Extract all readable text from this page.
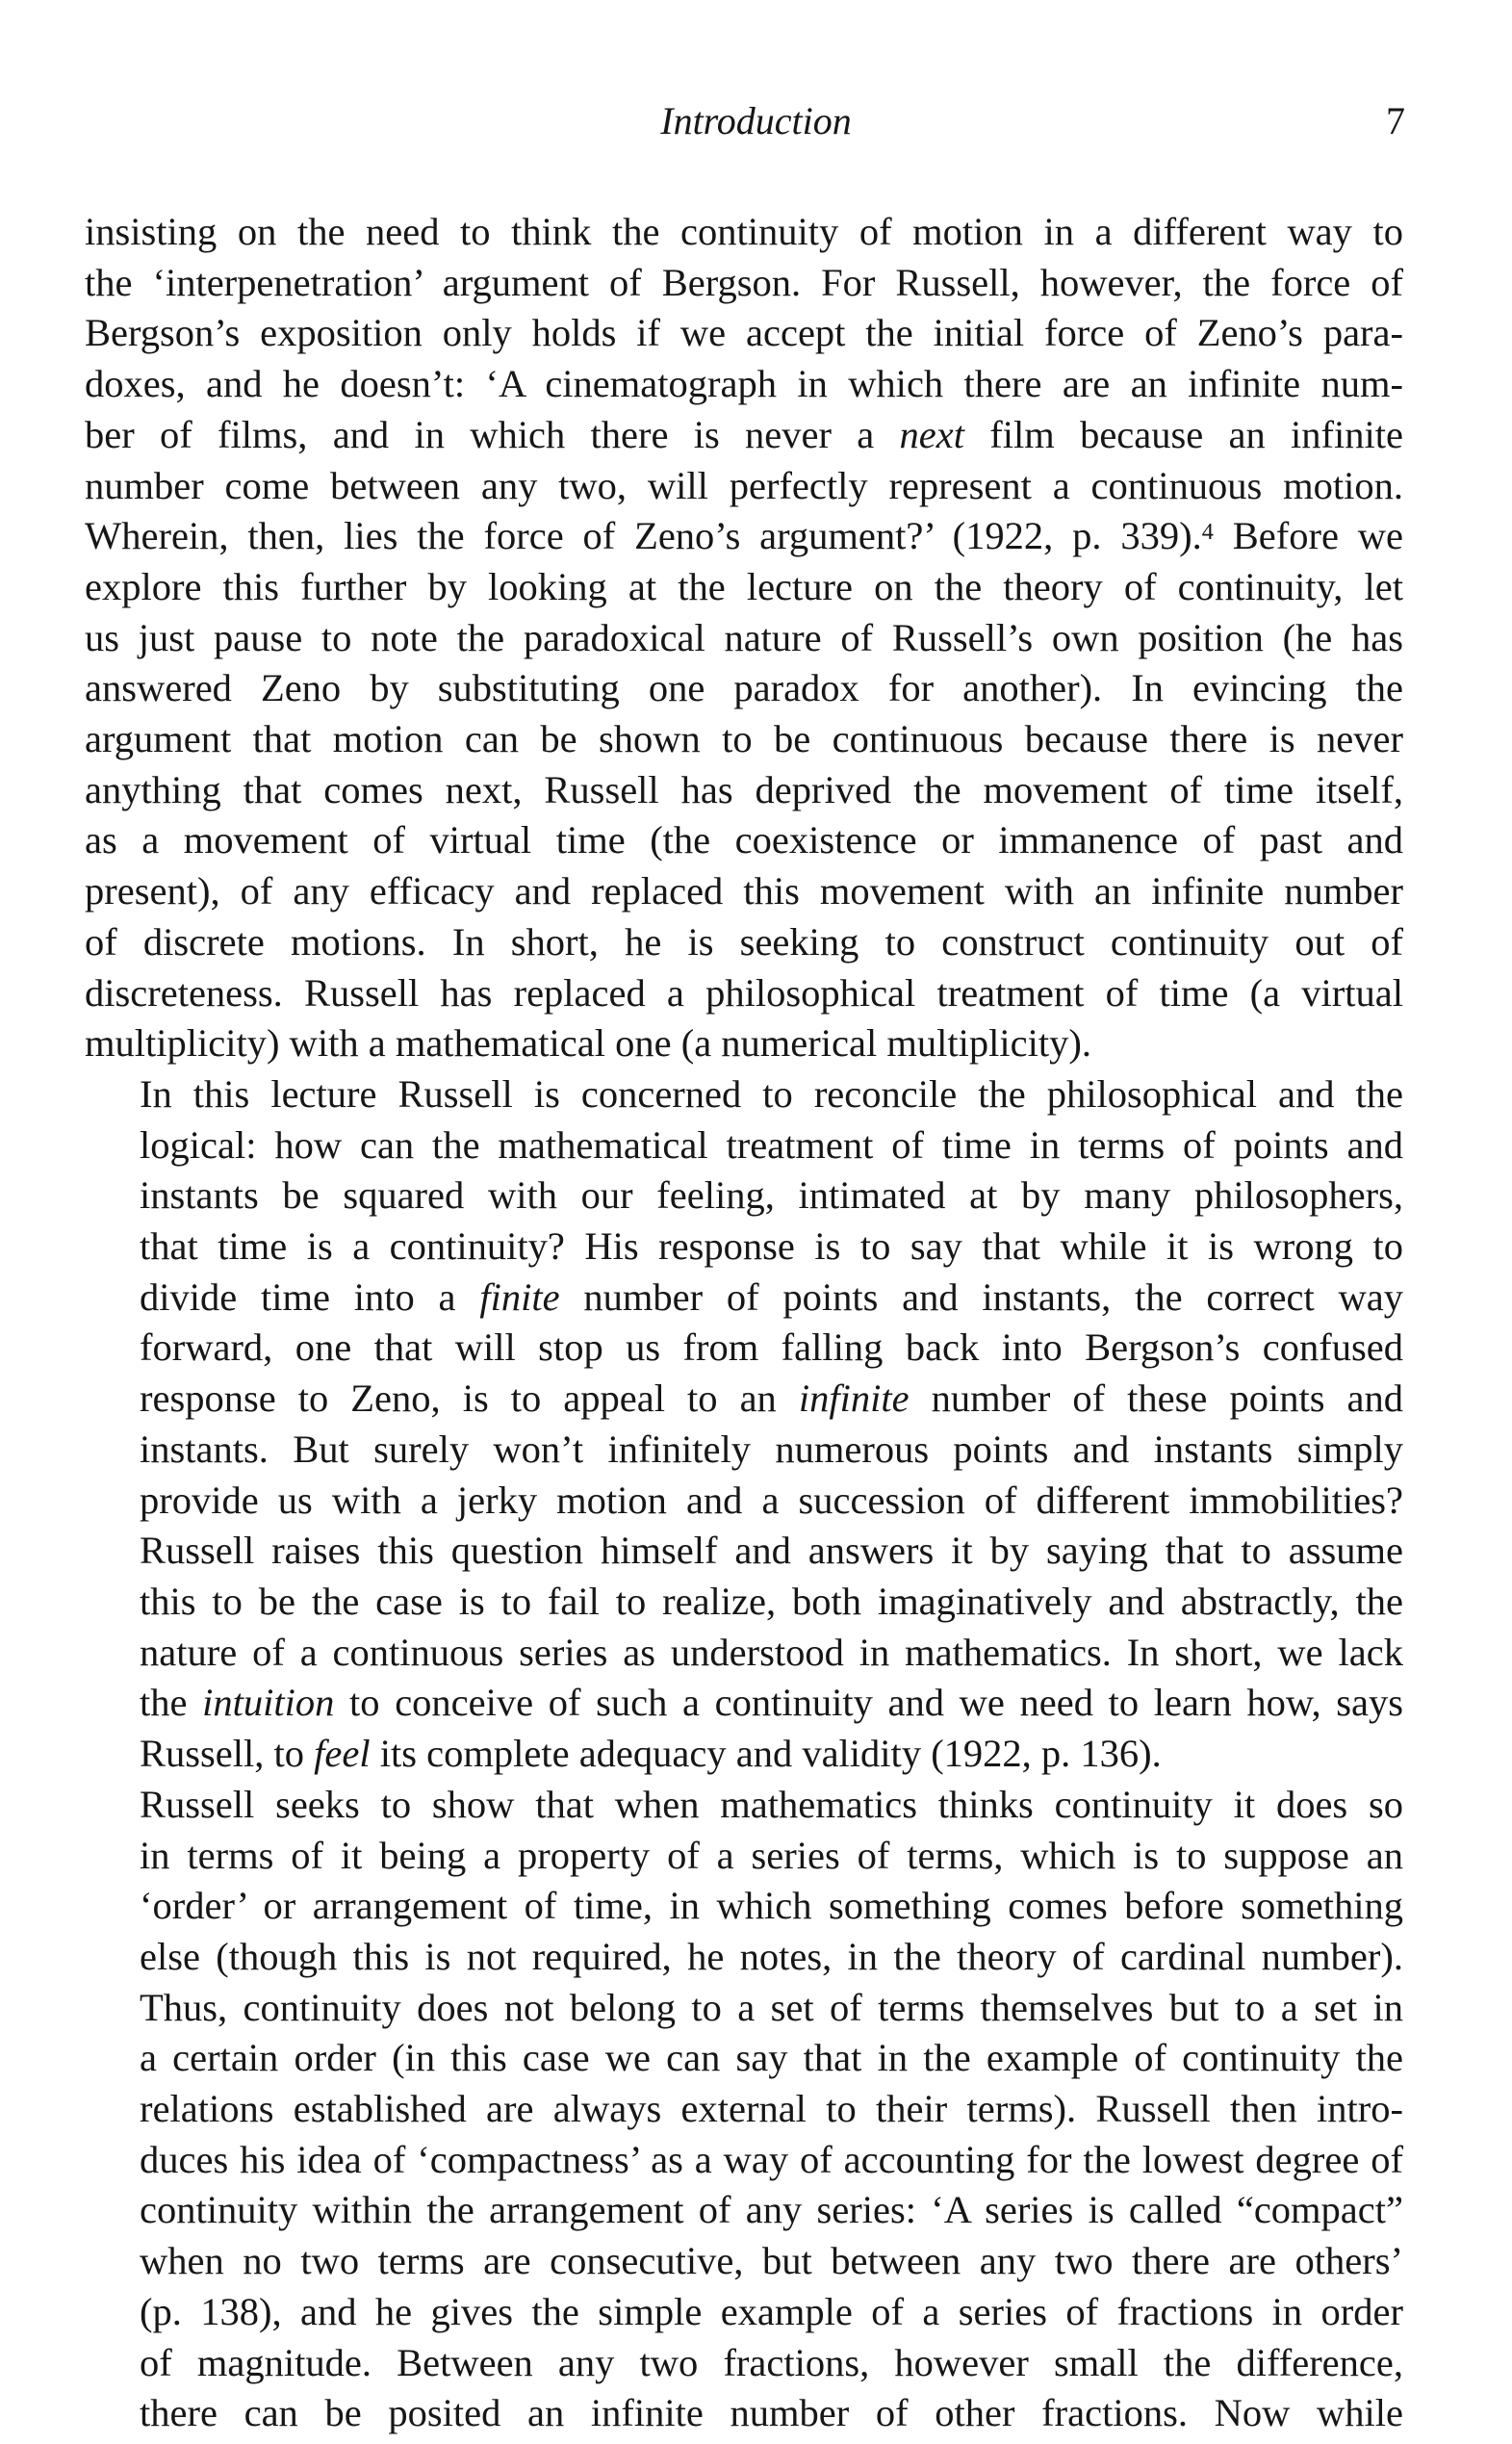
Introduction	7

insisting on the need to think the continuity of motion in a different way to
the ‘interpenetration’ argument of Bergson. For Russell, however, the force of
Bergson’s exposition only holds if we accept the initial force of Zeno’s para-
doxes, and he doesn’t: ‘A cinematograph in which there are an infinite num-
ber of films, and in which there is never a next film because an infinite
number come between any two, will perfectly represent a continuous motion.
Wherein, then, lies the force of Zeno’s argument?’ (1922, p. 339).$^4$ Before we
explore this further by looking at the lecture on the theory of continuity, let
us just pause to note the paradoxical nature of Russell’s own position (he has
answered Zeno by substituting one paradox for another). In evincing the
argument that motion can be shown to be continuous because there is never
anything that comes next, Russell has deprived the movement of time itself,
as a movement of virtual time (the coexistence or immanence of past and
present), of any efficacy and replaced this movement with an infinite number
of discrete motions. In short, he is seeking to construct continuity out of
discreteness. Russell has replaced a philosophical treatment of time (a virtual
multiplicity) with a mathematical one (a numerical multiplicity).

In this lecture Russell is concerned to reconcile the philosophical and the
logical: how can the mathematical treatment of time in terms of points and
instants be squared with our feeling, intimated at by many philosophers,
that time is a continuity? His response is to say that while it is wrong to
divide time into a finite number of points and instants, the correct way
forward, one that will stop us from falling back into Bergson’s confused
response to Zeno, is to appeal to an infinite number of these points and
instants. But surely won’t infinitely numerous points and instants simply
provide us with a jerky motion and a succession of different immobilities?
Russell raises this question himself and answers it by saying that to assume
this to be the case is to fail to realize, both imaginatively and abstractly, the
nature of a continuous series as understood in mathematics. In short, we lack
the intuition to conceive of such a continuity and we need to learn how, says
Russell, to feel its complete adequacy and validity (1922, p. 136).

Russell seeks to show that when mathematics thinks continuity it does so
in terms of it being a property of a series of terms, which is to suppose an
‘order’ or arrangement of time, in which something comes before something
else (though this is not required, he notes, in the theory of cardinal number).
Thus, continuity does not belong to a set of terms themselves but to a set in
a certain order (in this case we can say that in the example of continuity the
relations established are always external to their terms). Russell then intro-
duces his idea of ‘compactness’ as a way of accounting for the lowest degree of
continuity within the arrangement of any series: ‘A series is called “compact”
when no two terms are consecutive, but between any two there are others’
(p. 138), and he gives the simple example of a series of fractions in order
of magnitude. Between any two fractions, however small the difference,
there can be posited an infinite number of other fractions. Now while
